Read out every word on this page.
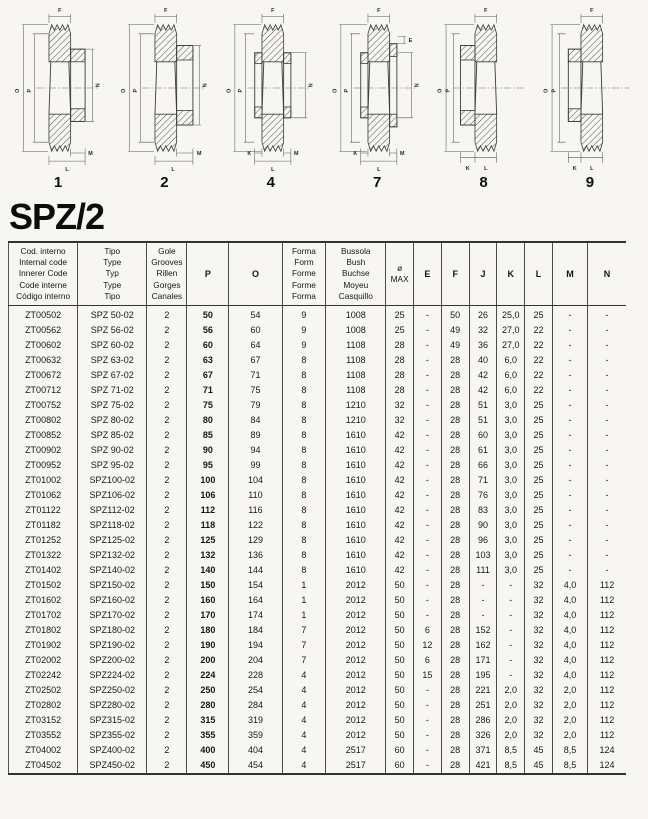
F
O P
N
M
L
1
F
O P
N
M
L
2
F
O P
N
K	M
L
4
F
O P
E
N
K	M
L
7
F
O P
K L
8
F
O P
K L
9
SPZ/2
Cod. interno
Internal code
Innerer Code
Code interne
Código interno	Tipo
Type
Typ
Type
Tipo	Gole
Grooves
Rillen
Gorges
Canales	P	O	Forma
Form
Forme
Forme
Forma	Bussola
Bush
Buchse
Moyeu
Casquillo	ø
MAX	E	F	J	K	L	M	N
ZT00502	SPZ 50-02	2	50	54	9	1008	25	-	50	26	25,0	25	-	-
ZT00562	SPZ 56-02	2	56	60	9	1008	25	-	49	32	27,0	22	-	-
ZT00602	SPZ 60-02	2	60	64	9	1108	28	-	49	36	27,0	22	-	-
ZT00632	SPZ 63-02	2	63	67	8	1108	28	-	28	40	6,0	22	-	-
ZT00672	SPZ 67-02	2	67	71	8	1108	28	-	28	42	6,0	22	-	-
ZT00712	SPZ 71-02	2	71	75	8	1108	28	-	28	42	6,0	22	-	-
ZT00752	SPZ 75-02	2	75	79	8	1210	32	-	28	51	3,0	25	-	-
ZT00802	SPZ 80-02	2	80	84	8	1210	32	-	28	51	3,0	25	-	-
ZT00852	SPZ 85-02	2	85	89	8	1610	42	-	28	60	3,0	25	-	-
ZT00902	SPZ 90-02	2	90	94	8	1610	42	-	28	61	3,0	25	-	-
ZT00952	SPZ 95-02	2	95	99	8	1610	42	-	28	66	3,0	25	-	-
ZT01002	SPZ100-02	2	100	104	8	1610	42	-	28	71	3,0	25	-	-
ZT01062	SPZ106-02	2	106	110	8	1610	42	-	28	76	3,0	25	-	-
ZT01122	SPZ112-02	2	112	116	8	1610	42	-	28	83	3,0	25	-	-
ZT01182	SPZ118-02	2	118	122	8	1610	42	-	28	90	3,0	25	-	-
ZT01252	SPZ125-02	2	125	129	8	1610	42	-	28	96	3,0	25	-	-
ZT01322	SPZ132-02	2	132	136	8	1610	42	-	28	103	3,0	25	-	-
ZT01402	SPZ140-02	2	140	144	8	1610	42	-	28	111	3,0	25	-	-
ZT01502	SPZ150-02	2	150	154	1	2012	50	-	28	-	-	32	4,0	112
ZT01602	SPZ160-02	2	160	164	1	2012	50	-	28	-	-	32	4,0	112
ZT01702	SPZ170-02	2	170	174	1	2012	50	-	28	-	-	32	4,0	112
ZT01802	SPZ180-02	2	180	184	7	2012	50	6	28	152	-	32	4,0	112
ZT01902	SPZ190-02	2	190	194	7	2012	50	12	28	162	-	32	4,0	112
ZT02002	SPZ200-02	2	200	204	7	2012	50	6	28	171	-	32	4,0	112
ZT02242	SPZ224-02	2	224	228	4	2012	50	15	28	195	-	32	4,0	112
ZT02502	SPZ250-02	2	250	254	4	2012	50	-	28	221	2,0	32	2,0	112
ZT02802	SPZ280-02	2	280	284	4	2012	50	-	28	251	2,0	32	2,0	112
ZT03152	SPZ315-02	2	315	319	4	2012	50	-	28	286	2,0	32	2,0	112
ZT03552	SPZ355-02	2	355	359	4	2012	50	-	28	326	2,0	32	2,0	112
ZT04002	SPZ400-02	2	400	404	4	2517	60	-	28	371	8,5	45	8,5	124
ZT04502	SPZ450-02	2	450	454	4	2517	60	-	28	421	8,5	45	8,5	124
